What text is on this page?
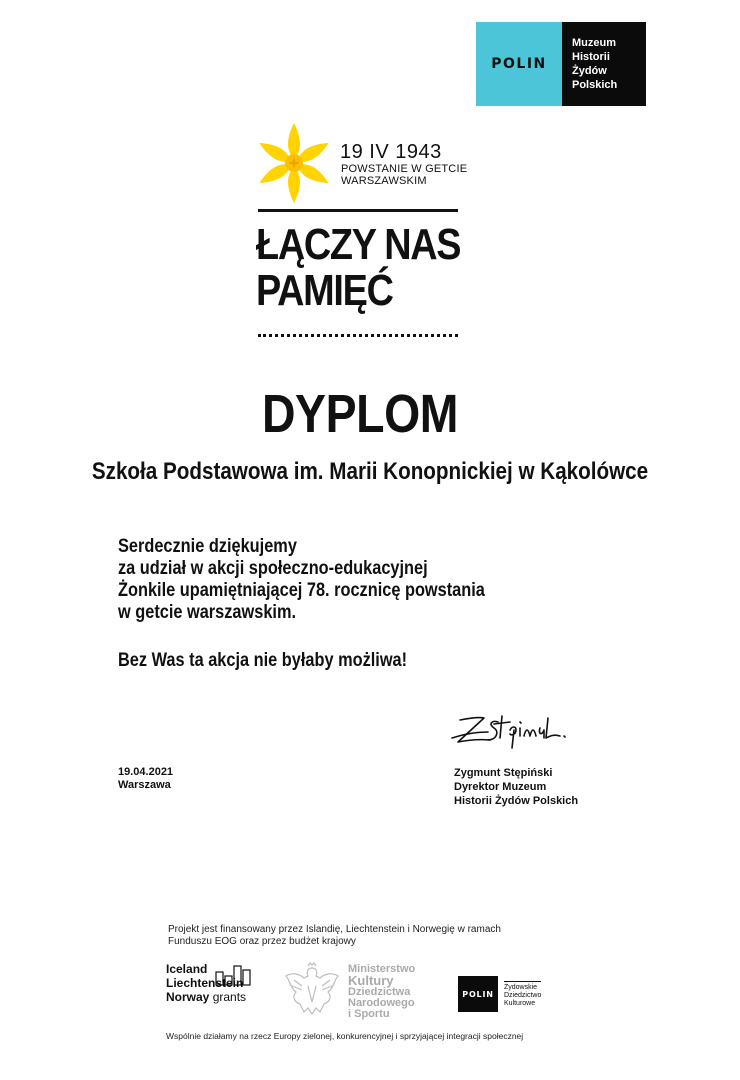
POLIN
Muzeum
Historii
Żydów
Polskich
19 IV 1943
POWSTANIE W GETCIE
WARSZAWSKIM
ŁĄCZY NAS
PAMIĘĆ
DYPLOM
Szkoła Podstawowa im. Marii Konopnickiej w Kąkolówce
Serdecznie dziękujemy
za udział w akcji społeczno-edukacyjnej
Żonkile upamiętniającej 78. rocznicę powstania
w getcie warszawskim.
Bez Was ta akcja nie byłaby możliwa!
19.04.2021
Warszawa
Zygmunt Stępiński
Dyrektor Muzeum
Historii Żydów Polskich
Projekt jest finansowany przez Islandię, Liechtenstein i Norwegię w ramach
Funduszu EOG oraz przez budżet krajowy
Iceland
Liechtenstein
Norway grants
Ministerstwo
Kultury
Dziedzictwa
Narodowego
i Sportu
POLIN
Żydowskie
Dziedzictwo
Kulturowe
Wspólnie działamy na rzecz Europy zielonej, konkurencyjnej i sprzyjającej integracji społecznej
